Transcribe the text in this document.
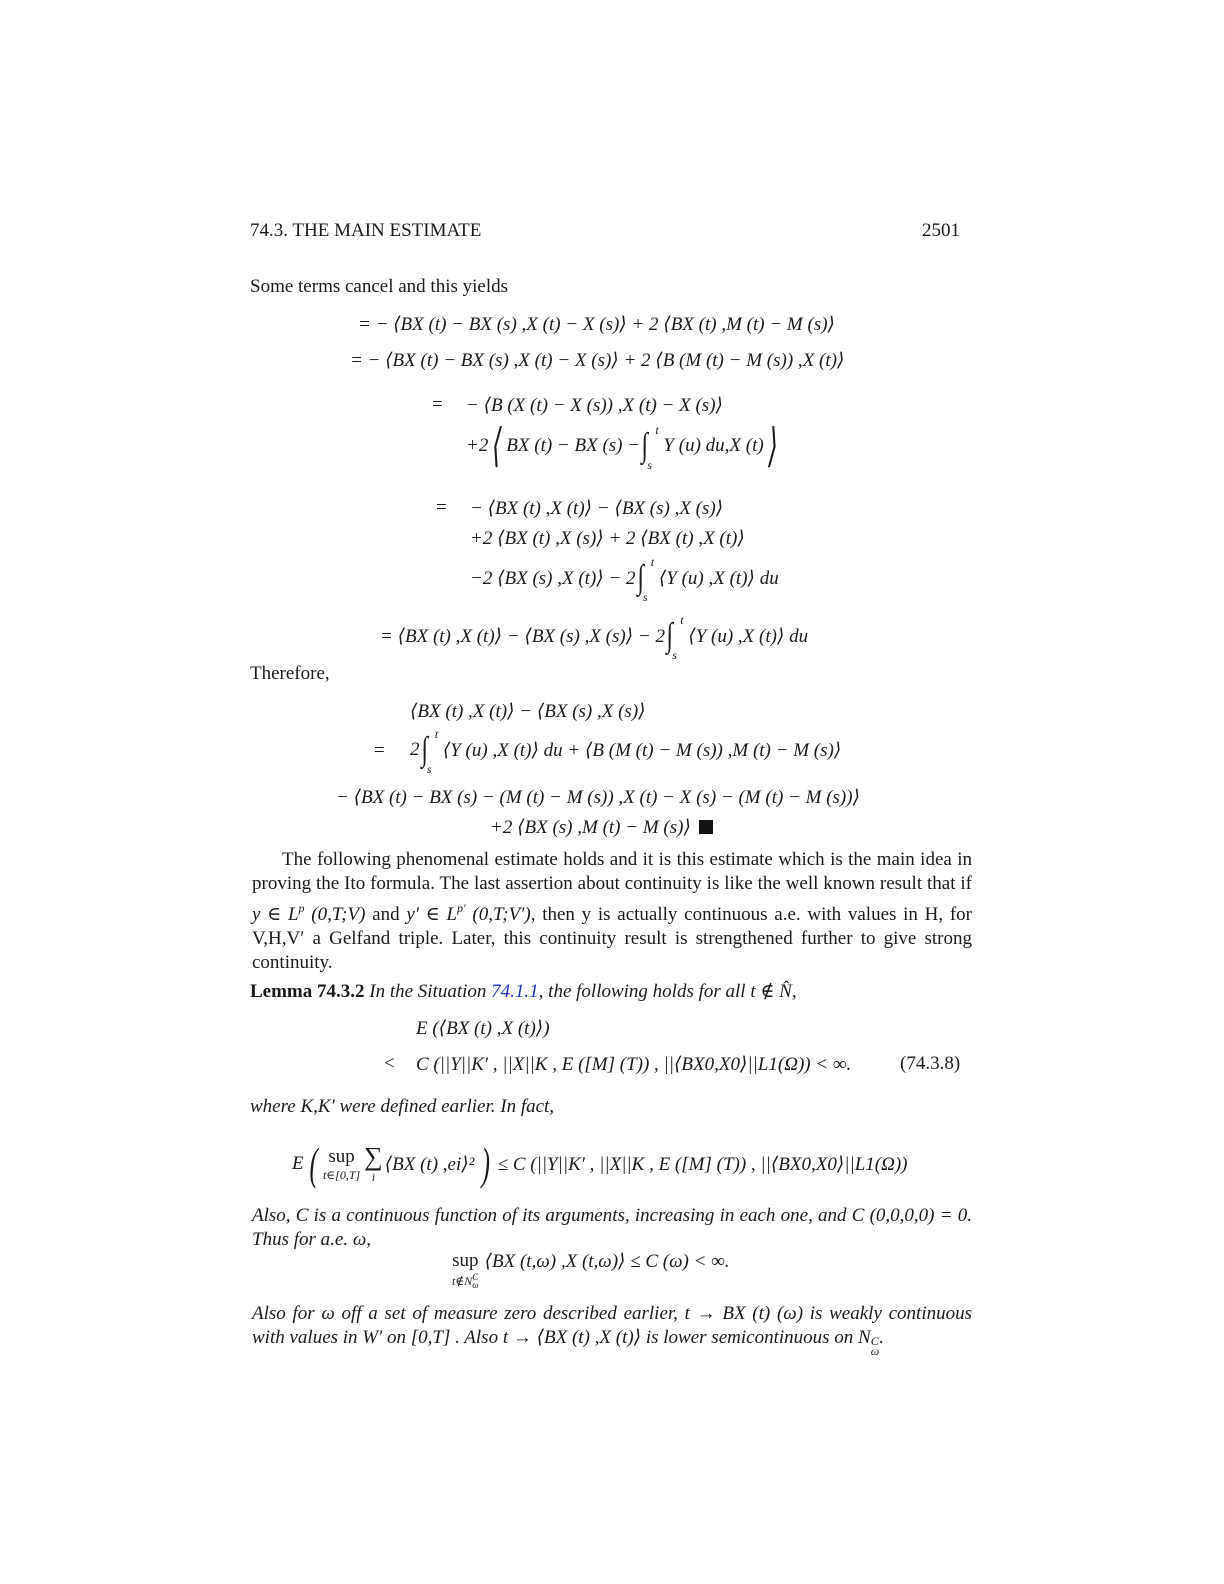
74.3. THE MAIN ESTIMATE	2501
Some terms cancel and this yields
= − ⟨BX (t) − BX (s) ,X (t) − X (s)⟩ + 2 ⟨BX (t) ,M (t) − M (s)⟩
= − ⟨BX (t) − BX (s) ,X (t) − X (s)⟩ + 2 ⟨B (M (t) − M (s)) ,X (t)⟩
= − ⟨B (X (t) − X (s)) ,X (t) − X (s)⟩
+2 ⟨ BX (t) − BX (s) − ∫ t
s
Y (u) du,X (t) ⟩
= − ⟨BX (t) ,X (t)⟩ − ⟨BX (s) ,X (s)⟩
+2 ⟨BX (t) ,X (s)⟩ + 2 ⟨BX (t) ,X (t)⟩
−2 ⟨BX (s) ,X (t)⟩ − 2 ∫ t
s
⟨Y (u) ,X (t)⟩ du
= ⟨BX (t) ,X (t)⟩ − ⟨BX (s) ,X (s)⟩ − 2 ∫ t
s
⟨Y (u) ,X (t)⟩ du
Therefore,
⟨BX (t) ,X (t)⟩ − ⟨BX (s) ,X (s)⟩
= 2 ∫ t
s
⟨Y (u) ,X (t)⟩ du + ⟨B (M (t) − M (s)) ,M (t) − M (s)⟩
− ⟨BX (t) − BX (s) − (M (t) − M (s)) ,X (t) − X (s) − (M (t) − M (s))⟩
+2 ⟨BX (s) ,M (t) − M (s)⟩
The following phenomenal estimate holds and it is this estimate which is the main idea in proving the Ito formula. The last assertion about continuity is like the well known result that if y ∈ $L^p$ (0,T;V) and y′ ∈ $L^{p'}$ (0,T;V′), then y is actually continuous a.e. with values in H, for V,H,V′ a Gelfand triple. Later, this continuity result is strengthened further to give strong continuity.
Lemma 74.3.2 In the Situation 74.1.1, the following holds for all t ∉ N̂,
E (⟨BX (t) ,X (t)⟩)
< C (||Y||K′ , ||X||K , E ([M] (T)) , ||⟨BX0,X0⟩||L1(Ω)) < ∞.	(74.3.8)
where K,K′ were defined earlier. In fact,
E ( sup
t∈[0,T]
∑
i
⟨BX (t) ,ei⟩² ) ≤ C (||Y||K′ , ||X||K , E ([M] (T)) , ||⟨BX0,X0⟩||L1(Ω))
Also, C is a continuous function of its arguments, increasing in each one, and C (0,0,0,0) = 0. Thus for a.e. ω,
sup
$t\notin N^C_\omega$
⟨BX (t,ω) ,X (t,ω)⟩ ≤ C (ω) < ∞.
Also for ω off a set of measure zero described earlier, t → BX (t) (ω) is weakly continuous with values in W′ on [0,T] . Also t → ⟨BX (t) ,X (t)⟩ is lower semicontinuous on N C
ω
.
